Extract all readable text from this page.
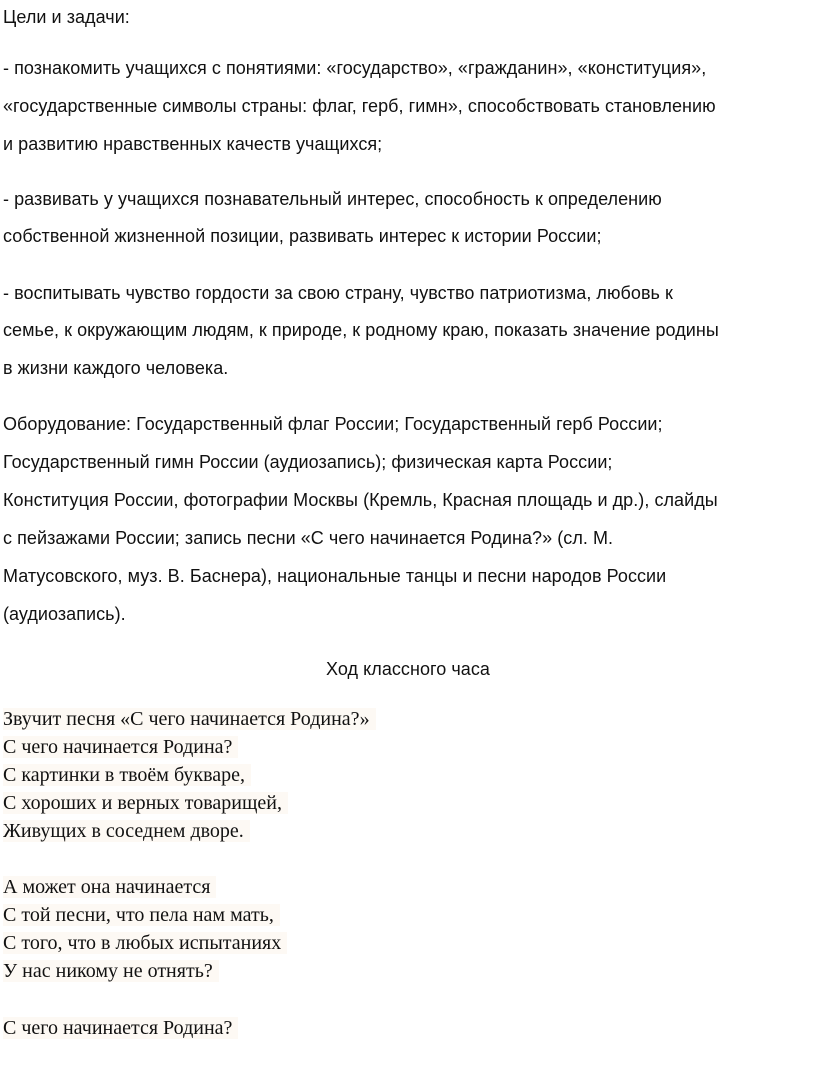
Цели и задачи:
- познакомить учащихся с понятиями: «государство», «гражданин», «конституция»,
«государственные символы страны: флаг, герб, гимн», способствовать становлению
и развитию нравственных качеств учащихся;
- развивать у учащихся познавательный интерес, способность к определению
собственной жизненной позиции, развивать интерес к истории России;
- воспитывать чувство гордости за свою страну, чувство патриотизма, любовь к
семье, к окружающим людям, к природе, к родному краю, показать значение родины
в жизни каждого человека.
Оборудование: Государственный флаг России; Государственный герб России;
Государственный гимн России (аудиозапись); физическая карта России;
Конституция России, фотографии Москвы (Кремль, Красная площадь и др.), слайды
с пейзажами России; запись песни «С чего начинается Родина?» (сл. М.
Матусовского, муз. В. Баснера), национальные танцы и песни народов России
(аудиозапись).
Ход классного часа
Звучит песня «С чего начинается Родина?»
С чего начинается Родина?
С картинки в твоём букваре,
С хороших и верных товарищей,
Живущих в соседнем дворе.
А может она начинается
С той песни, что пела нам мать,
С того, что в любых испытаниях
У нас никому не отнять?
С чего начинается Родина?
